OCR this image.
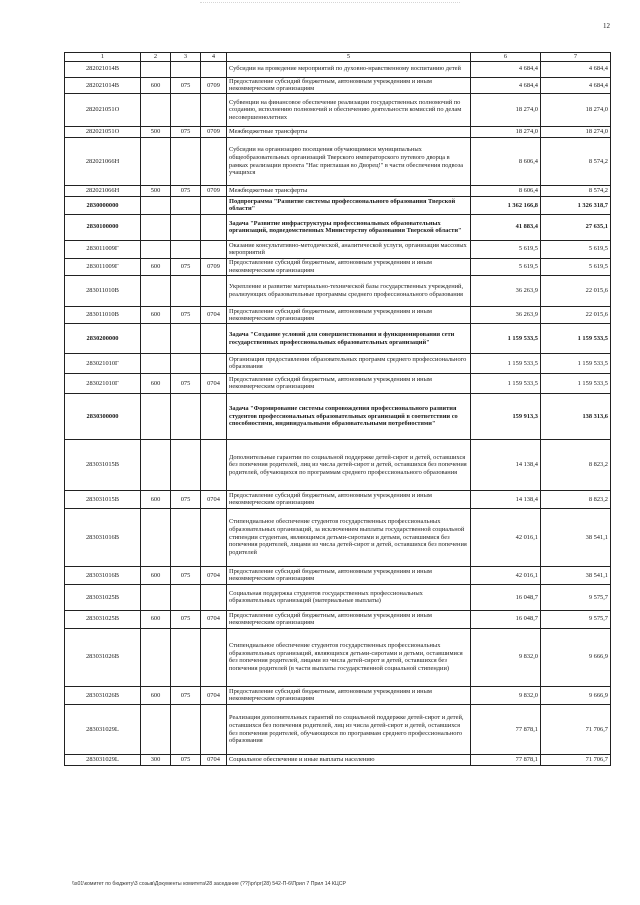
12
1	2	3	4	5	6	7
282021014В				Субсидии на проведение мероприятий по духовно-нравственному воспитанию детей	4 684,4	4 684,4
282021014В	600	075	0709	Предоставление субсидий бюджетным, автономным учреждениям и иным некоммерческим организациям	4 684,4	4 684,4
282021051О				Субвенции на финансовое обеспечение реализации государственных полномочий по созданию, исполнению полномочий и обеспечению деятельности комиссий по делам несовершеннолетних	18 274,0	18 274,0
282021051О	500	075	0709	Межбюджетные трансферты	18 274,0	18 274,0
282021066Н				Субсидии на организацию посещения обучающимися муниципальных общеобразовательных организаций Тверского императорского путевого дворца в рамках реализации проекта "Нас приглашая во Дворец!" в части обеспечения подвоза учащихся	8 606,4	8 574,2
282021066Н	500	075	0709	Межбюджетные трансферты	8 606,4	8 574,2
2830000000				Подпрограмма "Развитие системы профессионального образования Тверской области"	1 362 166,8	1 326 318,7
2830100000				Задача "Развитие инфраструктуры профессиональных образовательных организаций, подведомственных Министерству образования Тверской области"	41 883,4	27 635,1
283011009Г				Оказание консультативно-методической, аналитической услуги, организация массовых мероприятий	5 619,5	5 619,5
283011009Г	600	075	0709	Предоставление субсидий бюджетным, автономным учреждениям и иным некоммерческим организациям	5 619,5	5 619,5
283011010В				Укрепление и развитие материально-технической базы государственных учреждений, реализующих образовательные программы среднего профессионального образования	36 263,9	22 015,6
283011010В	600	075	0704	Предоставление субсидий бюджетным, автономным учреждениям и иным некоммерческим организациям	36 263,9	22 015,6
2830200000				Задача "Создание условий для совершенствования и функционирования сети государственных профессиональных образовательных организаций"	1 159 533,5	1 159 533,5
283021010Г				Организация предоставления образовательных программ среднего профессионального образования	1 159 533,5	1 159 533,5
283021010Г	600	075	0704	Предоставление субсидий бюджетным, автономным учреждениям и иным некоммерческим организациям	1 159 533,5	1 159 533,5
2830300000				Задача "Формирование системы сопровождения профессионального развития студентов профессиональных образовательных организаций в соответствии со способностями, индивидуальными образовательными потребностями"	159 913,3	138 313,6
283031015В				Дополнительные гарантии по социальной поддержке детей-сирот и детей, оставшихся без попечения родителей, лиц из числа детей-сирот и детей, оставшихся без попечения родителей, обучающихся по программам среднего профессионального образования	14 138,4	8 823,2
283031015В	600	075	0704	Предоставление субсидий бюджетным, автономным учреждениям и иным некоммерческим организациям	14 138,4	8 823,2
283031016В				Стипендиальное обеспечение студентов государственных профессиональных образовательных организаций, за исключением выплаты государственной социальной стипендии студентам, являющимся детьми-сиротами и детьми, оставшимися без попечения родителей, лицами из числа детей-сирот и детей, оставшихся без попечения родителей	42 016,1	38 541,1
283031016В	600	075	0704	Предоставление субсидий бюджетным, автономным учреждениям и иным некоммерческим организациям	42 016,1	38 541,1
283031025В				Социальная поддержка студентов государственных профессиональных образовательных организаций (материальные выплаты)	16 048,7	9 575,7
283031025В	600	075	0704	Предоставление субсидий бюджетным, автономным учреждениям и иным некоммерческим организациям	16 048,7	9 575,7
283031026В				Стипендиальное обеспечение студентов государственных профессиональных образовательных организаций, являющихся детьми-сиротами и детьми, оставшимися без попечения родителей, лицами из числа детей-сирот и детей, оставшихся без попечения родителей (в части выплаты государственной социальной стипендии)	9 832,0	9 666,9
283031026В	600	075	0704	Предоставление субсидий бюджетным, автономным учреждениям и иным некоммерческим организациям	9 832,0	9 666,9
283031029L				Реализация дополнительных гарантий по социальной поддержке детей-сирот и детей, оставшихся без попечения родителей, лиц из числа детей-сирот и детей, оставшихся без попечения родителей, обучающихся по программам среднего профессионального образования	77 878,1	71 706,7
283031029L	300	075	0704	Социальное обеспечение и иные выплаты населению	77 878,1	71 706,7
\\s01\комитет по бюджету\3 созыв\Документы комитета\28 заседание (??)\pr\pr(28) 542-П-6\Прил 7 Прил 14 КЦСР
